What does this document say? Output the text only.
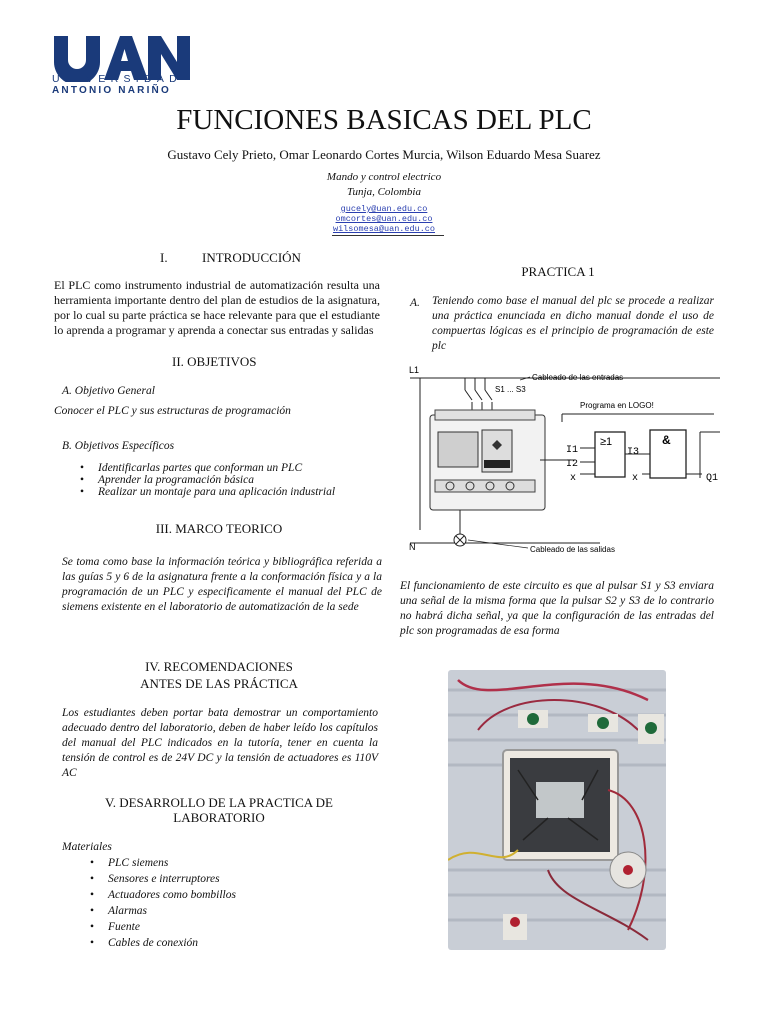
UNIVERSIDAD
ANTONIO NARIÑO
FUNCIONES BASICAS DEL PLC
Gustavo Cely Prieto, Omar Leonardo Cortes Murcia, Wilson Eduardo Mesa Suarez
Mando y control electrico
Tunja, Colombia
gucely@uan.edu.co
omcortes@uan.edu.co
wilsomesa@uan.edu.co
I.	INTRODUCCIÓN
El PLC como instrumento industrial de automatización resulta una herramienta importante dentro del plan de estudios de la asignatura, por lo cual su parte práctica se hace relevante para que el estudiante lo aprenda a programar y aprenda a conectar sus entradas y salidas
II. OBJETIVOS
A. Objetivo General
Conocer el PLC y sus estructuras de programación
B. Objetivos Específicos
• Identificarlas partes que conforman un PLC
• Aprender la programación básica
• Realizar un montaje para una aplicación industrial
III. MARCO TEORICO
Se toma como base la información teórica y bibliográfica referida a las guías 5 y 6 de la asignatura frente a la conformación física y a la programación de un PLC y especificamente el manual del PLC de siemens existente en el laboratorio de automatización de la sede
IV. RECOMENDACIONES
ANTES DE LAS PRÁCTICA
Los estudiantes deben portar bata demostrar un comportamiento adecuado dentro del laboratorio, deben de haber leído los capítulos del manual del PLC indicados en la tutoría, tener en cuenta la tensión de control es de 24V DC y la tensión de actuadores es 110V AC
V. DESARROLLO DE LA PRACTICA DE
LABORATORIO
Materiales
• PLC siemens
• Sensores e interruptores
• Actuadores como bombillos
• Alarmas
• Fuente
• Cables de conexión
PRACTICA 1
A. Teniendo como base el manual del plc se procede a realizar una práctica enunciada en dicho manual donde el uso de compuertas lógicas es el principio de programación de este plc
L1
N
S1 ... S3
Cableado de las entradas
Cableado de las salidas
Programa en LOGO!
≥1	&
I1
I2
x
I3
x	Q1
El funcionamiento de este circuito es que al pulsar S1 y S3 enviara una señal de la misma forma que la pulsar S2 y S3 de lo contrario no habrá dicha señal, ya que la configuración de las entradas del plc son programadas de esa forma
